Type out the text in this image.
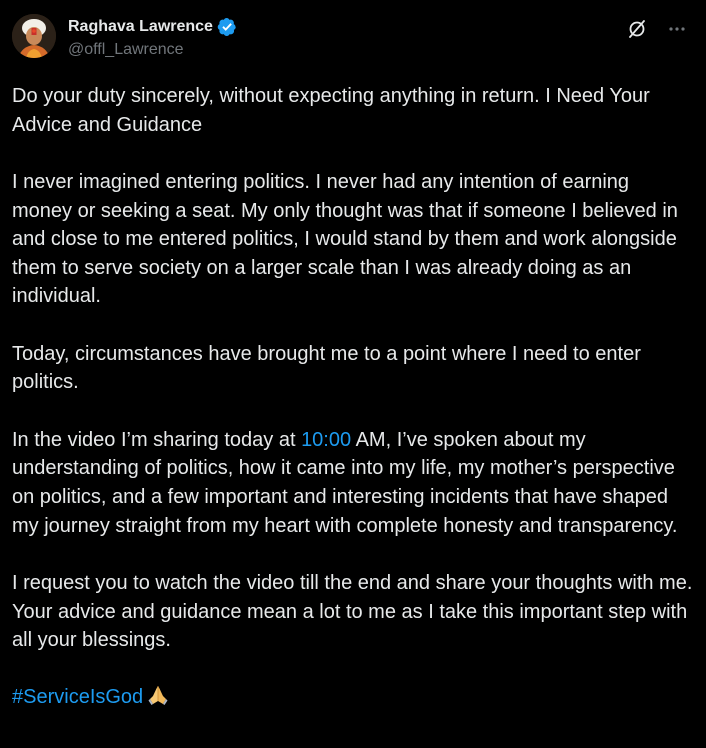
Raghava Lawrence
@offl_Lawrence

Do your duty sincerely, without expecting anything in return. I Need Your Advice and Guidance

I never imagined entering politics. I never had any intention of earning money or seeking a seat. My only thought was that if someone I believed in and close to me entered politics, I would stand by them and work alongside them to serve society on a larger scale than I was already doing as an individual.

Today, circumstances have brought me to a point where I need to enter politics.

In the video I’m sharing today at 10:00 AM, I’ve spoken about my understanding of politics, how it came into my life, my mother’s perspective on politics, and a few important and interesting incidents that have shaped my journey straight from my heart with complete honesty and transparency.

I request you to watch the video till the end and share your thoughts with me. Your advice and guidance mean a lot to me as I take this important step with all your blessings.

#ServiceIsGod
